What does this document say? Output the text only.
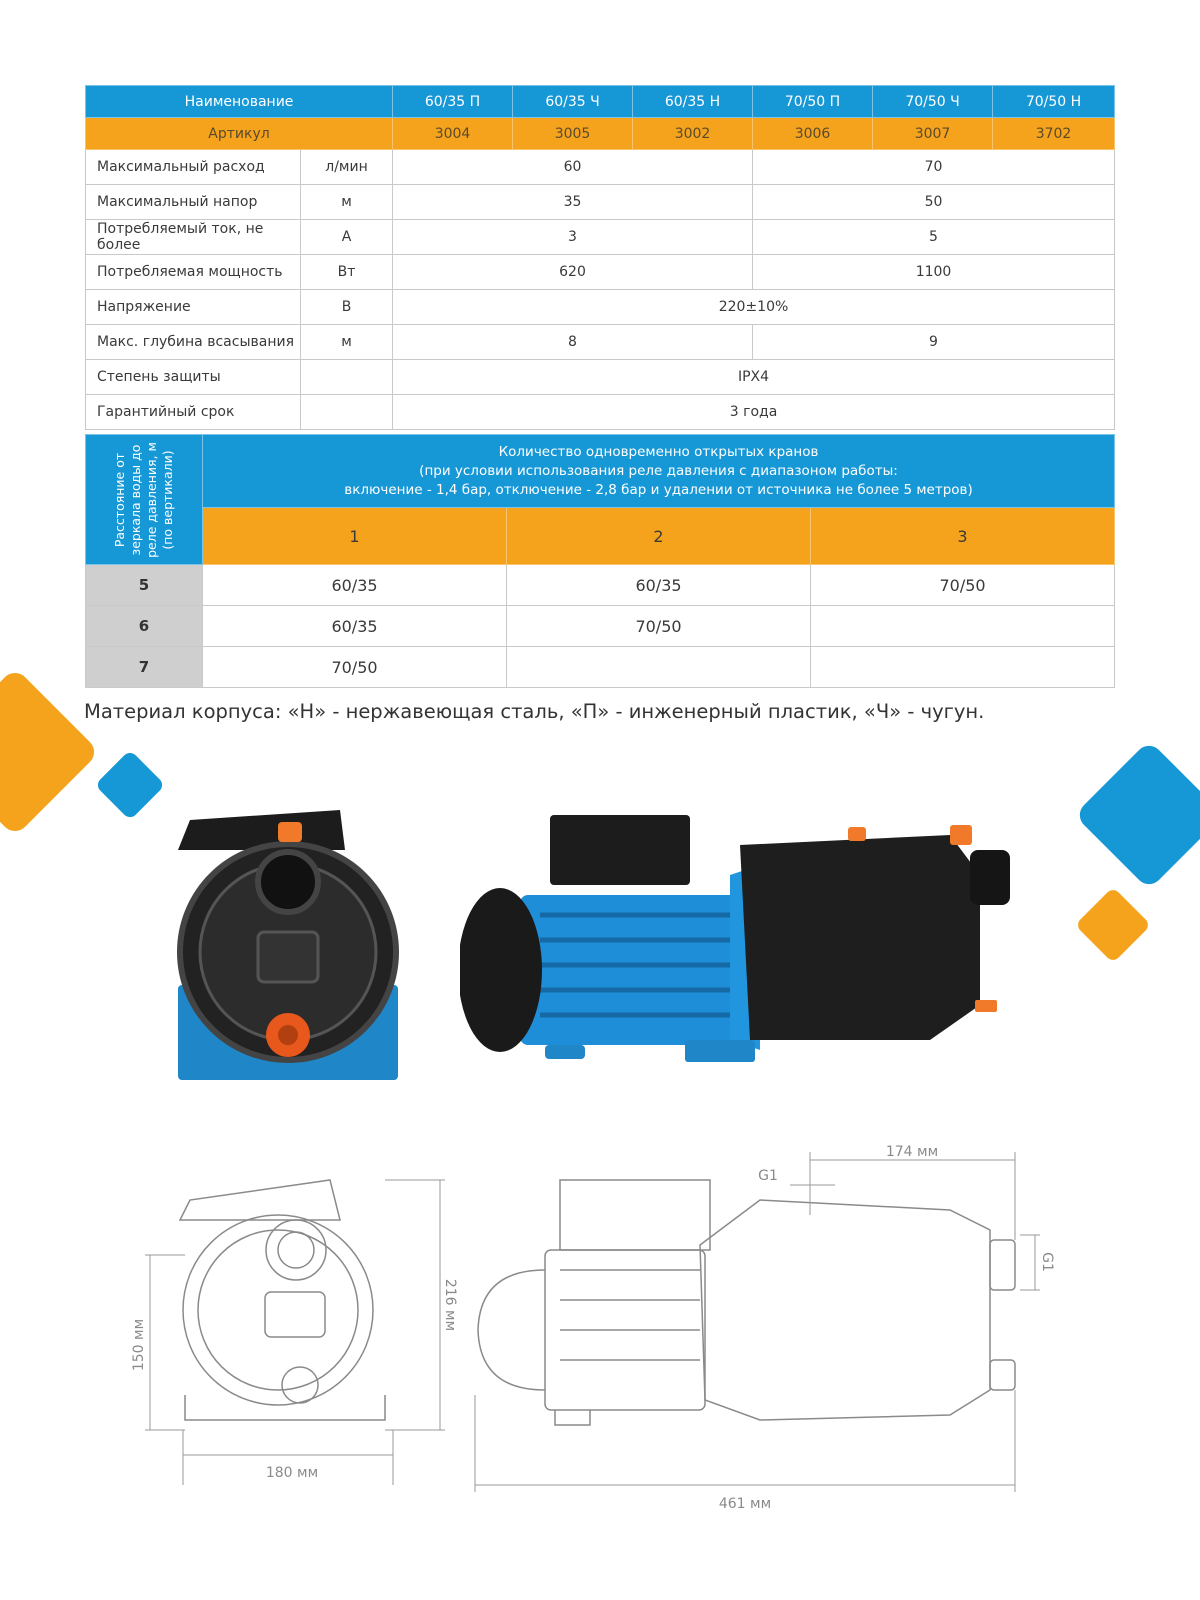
Наименование		60/35 П	60/35 Ч	60/35 Н	70/50 П	70/50 Ч	70/50 Н
Артикул		3004	3005	3002	3006	3007	3702
Максимальный расход	л/мин	60			70		
Максимальный напор	м	35			50		
Потребляемый ток, не более	А	3			5		
Потребляемая мощность	Вт	620			1100		
Напряжение	В	220±10%					
Макс. глубина всасывания	м	8			9		
Степень защиты		IPX4					
Гарантийный срок		3 года					
Расстояние от зеркала воды до реле давления, м (по вертикали)	Количество одновременно открытых кранов
(при условии использования реле давления с диапазоном работы:
включение - 1,4 бар, отключение - 2,8 бар и удалении от источника не более 5 метров)		

	1	2	3
5	60/35	60/35	70/50
6	60/35	70/50	
7	70/50		
Материал корпуса: «Н» - нержавеющая сталь, «П» - инженерный пластик, «Ч» - чугун.
150 мм
216 мм
180 мм
174 мм
G1
G1
461 мм
